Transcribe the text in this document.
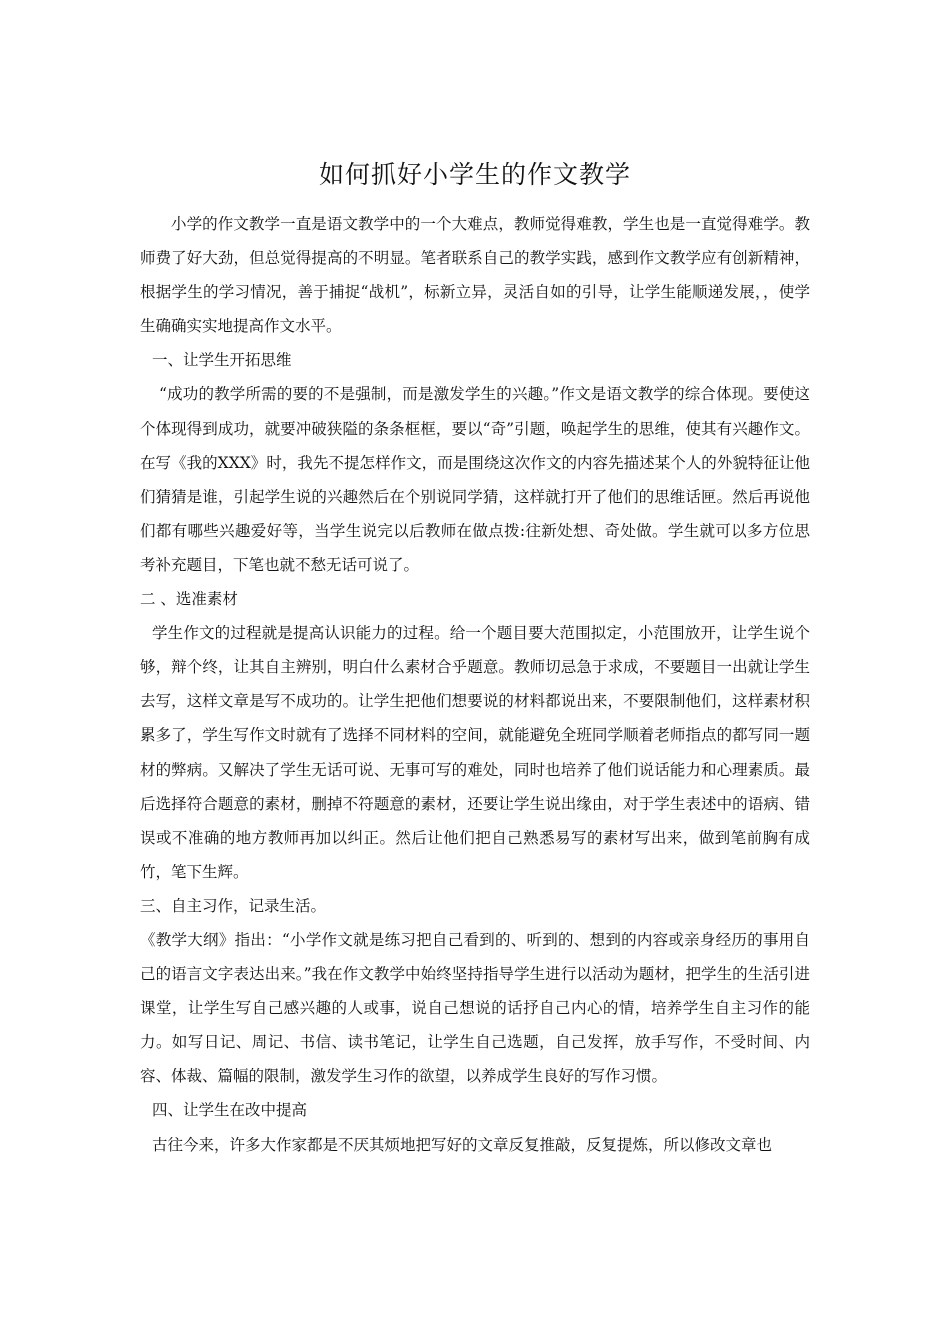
如何抓好小学生的作文教学

小学的作文教学一直是语文教学中的一个大难点，教师觉得难教，学生也是一直觉得难学。教师费了好大劲，但总觉得提高的不明显。笔者联系自己的教学实践，感到作文教学应有创新精神，根据学生的学习情况，善于捕捉“战机”，标新立异，灵活自如的引导，让学生能顺递发展，，使学生确确实实地提高作文水平。

一、让学生开拓思维

“成功的教学所需的要的不是强制，而是激发学生的兴趣。”作文是语文教学的综合体现。要使这个体现得到成功，就要冲破狭隘的条条框框，要以“奇”引题，唤起学生的思维，使其有兴趣作文。在写《我的XXX》时，我先不提怎样作文，而是围绕这次作文的内容先描述某个人的外貌特征让他们猜猜是谁，引起学生说的兴趣然后在个别说同学猜，这样就打开了他们的思维话匣。然后再说他们都有哪些兴趣爱好等，当学生说完以后教师在做点拨:往新处想、奇处做。学生就可以多方位思考补充题目，下笔也就不愁无话可说了。

二 、选准素材

学生作文的过程就是提高认识能力的过程。给一个题目要大范围拟定，小范围放开，让学生说个够，辩个终，让其自主辨别，明白什么素材合乎题意。教师切忌急于求成，不要题目一出就让学生去写，这样文章是写不成功的。让学生把他们想要说的材料都说出来，不要限制他们，这样素材积累多了，学生写作文时就有了选择不同材料的空间，就能避免全班同学顺着老师指点的都写同一题材的弊病。又解决了学生无话可说、无事可写的难处，同时也培养了他们说话能力和心理素质。最后选择符合题意的素材，删掉不符题意的素材，还要让学生说出缘由，对于学生表述中的语病、错误或不准确的地方教师再加以纠正。然后让他们把自己熟悉易写的素材写出来，做到笔前胸有成竹，笔下生辉。

三、自主习作，记录生活。

《教学大纲》指出：“小学作文就是练习把自己看到的、听到的、想到的内容或亲身经历的事用自己的语言文字表达出来。”我在作文教学中始终坚持指导学生进行以活动为题材，把学生的生活引进课堂，让学生写自己感兴趣的人或事，说自己想说的话抒自己内心的情，培养学生自主习作的能力。如写日记、周记、书信、读书笔记，让学生自己选题，自己发挥，放手写作，不受时间、内容、体裁、篇幅的限制，激发学生习作的欲望，以养成学生良好的写作习惯。

四、让学生在改中提高

古往今来，许多大作家都是不厌其烦地把写好的文章反复推敲，反复提炼，所以修改文章也
